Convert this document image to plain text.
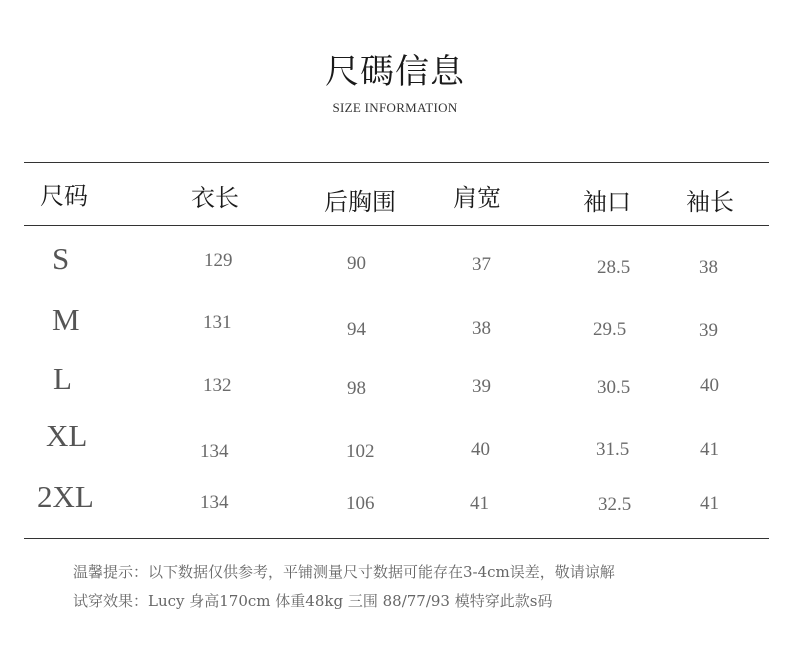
尺碼信息
SIZE INFORMATION
尺码	衣长	后胸围 肩宽	袖口 袖长
S	129	90	37	28.5	38
M	131	94	38	29.5	39
L	132	98	39	30.5	40
XL	134	102	40	31.5	41
2XL	134	106	41	32.5	41
温馨提示：以下数据仅供参考，平铺测量尺寸数据可能存在3-4cm误差，敬请谅解
试穿效果：Lucy 身高170cm 体重48kg 三围 88/77/93 模特穿此款s码
